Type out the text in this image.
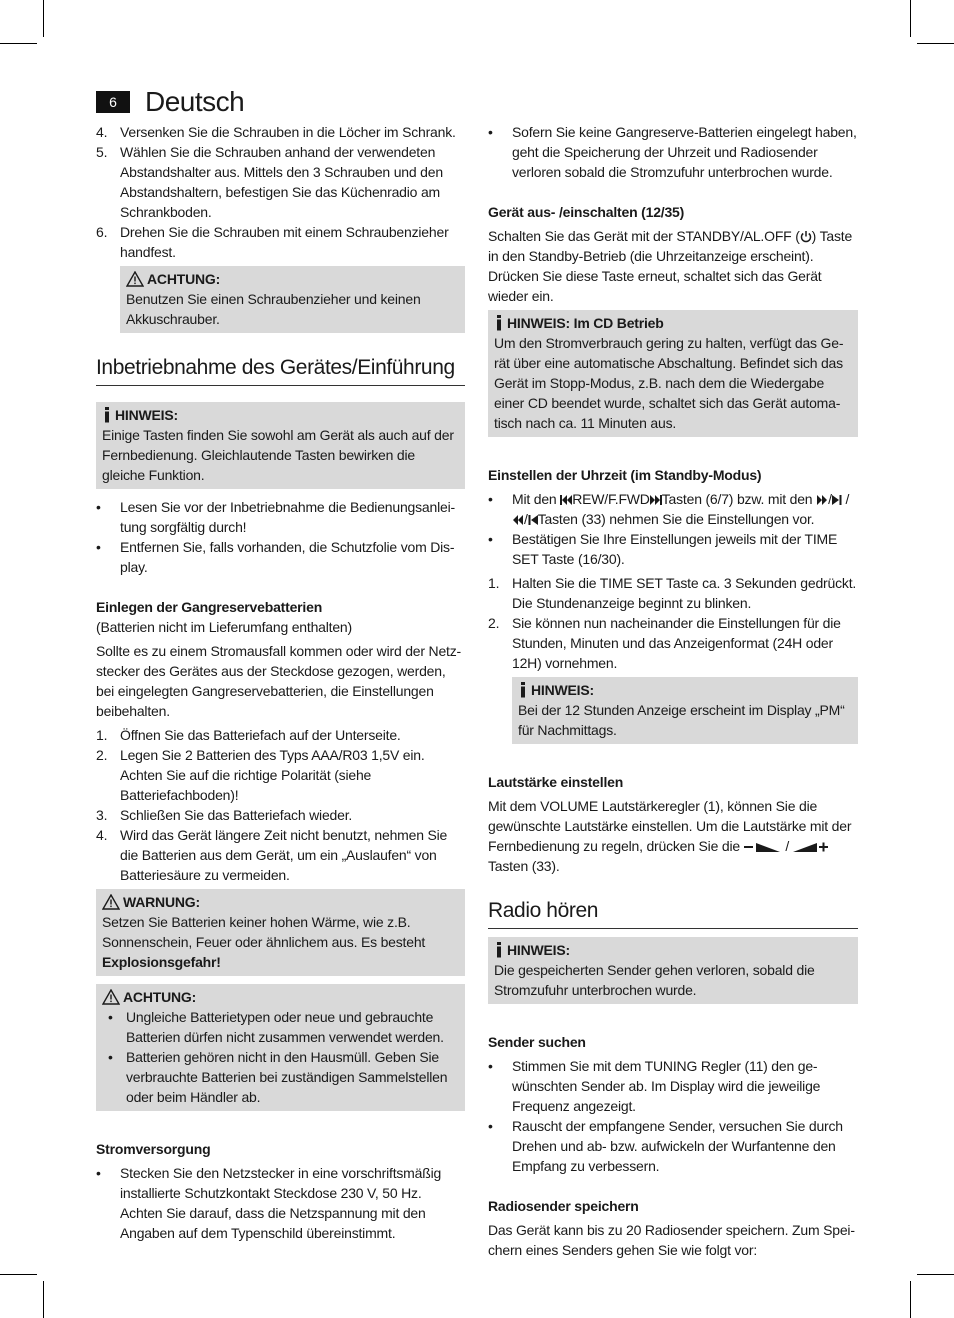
6	Deutsch
4. Versenken Sie die Schrauben in die Löcher im Schrank.
5. Wählen Sie die Schrauben anhand der verwendeten Abstandshalter aus. Mittels den 3 Schrauben und den Abstandshaltern, befestigen Sie das Küchenradio am Schrankboden.
6. Drehen Sie die Schrauben mit einem Schraubenzieher handfest.
ACHTUNG:

Benutzen Sie einen Schraubenzieher und keinen Akkuschrauber.

Inbetriebnahme des Gerätes/Einführung
HINWEIS:

Einige Tasten finden Sie sowohl am Gerät als auch auf der Fernbedienung. Gleichlautende Tasten bewirken die gleiche Funktion.

• Lesen Sie vor der Inbetriebnahme die Bedienungsanleitung sorgfältig durch!
• Entfernen Sie, falls vorhanden, die Schutzfolie vom Display.

Einlegen der Gangreservebatterien

(Batterien nicht im Lieferumfang enthalten)

Sollte es zu einem Stromausfall kommen oder wird der Netzstecker des Gerätes aus der Steckdose gezogen, werden, bei eingelegten Gangreservebatterien, die Einstellungen beibehalten.

1. Öffnen Sie das Batteriefach auf der Unterseite.
2. Legen Sie 2 Batterien des Typs AAA/R03 1,5V ein. Achten Sie auf die richtige Polarität (siehe Batteriefachboden)!
3. Schließen Sie das Batteriefach wieder.
4. Wird das Gerät längere Zeit nicht benutzt, nehmen Sie die Batterien aus dem Gerät, um ein „Auslaufen“ von Batteriesäure zu vermeiden.
WARNUNG:

Setzen Sie Batterien keiner hohen Wärme, wie z.B. Sonnenschein, Feuer oder ähnlichem aus. Es besteht Explosionsgefahr!

ACHTUNG:
• Ungleiche Batterietypen oder neue und gebrauchte Batterien dürfen nicht zusammen verwendet werden.
• Batterien gehören nicht in den Hausmüll. Geben Sie verbrauchte Batterien bei zuständigen Sammelstellen oder beim Händler ab.

Stromversorgung

• Stecken Sie den Netzstecker in eine vorschriftsmäßig installierte Schutzkontakt Steckdose 230 V, 50 Hz. Achten Sie darauf, dass die Netzspannung mit den Angaben auf dem Typenschild übereinstimmt.
• Sofern Sie keine Gangreserve-Batterien eingelegt haben, geht die Speicherung der Uhrzeit und Radiosender verloren sobald die Stromzufuhr unterbrochen wurde.

Gerät aus- /einschalten (12/35)

Schalten Sie das Gerät mit der STANDBY/AL.OFF ( ) Taste in den Standby-Betrieb (die Uhrzeitanzeige erscheint). Drücken Sie diese Taste erneut, schaltet sich das Gerät wieder ein.

HINWEIS: Im CD Betrieb

Um den Stromverbrauch gering zu halten, verfügt das Gerät über eine automatische Abschaltung. Befindet sich das Gerät im Stopp-Modus, z.B. nach dem die Wiedergabe einer CD beendet wurde, schaltet sich das Gerät automatisch nach ca. 11 Minuten aus.

Einstellen der Uhrzeit (im Standby-Modus)

• Mit den REW/F.FWD Tasten (6/7) bzw. mit den / // Tasten (33) nehmen Sie die Einstellungen vor.
• Bestätigen Sie Ihre Einstellungen jeweils mit der TIME SET Taste (16/30).
1. Halten Sie die TIME SET Taste ca. 3 Sekunden gedrückt. Die Stundenanzeige beginnt zu blinken.
2. Sie können nun nacheinander die Einstellungen für die Stunden, Minuten und das Anzeigenformat (24H oder 12H) vornehmen.
HINWEIS:

Bei der 12 Stunden Anzeige erscheint im Display „PM“ für Nachmittags.

Lautstärke einstellen

Mit dem VOLUME Lautstärkeregler (1), können Sie die gewünschte Lautstärke einstellen. Um die Lautstärke mit der Fernbedienung zu regeln, drücken Sie die	/  Tasten (33).

Radio hören
HINWEIS:

Die gespeicherten Sender gehen verloren, sobald die Stromzufuhr unterbrochen wurde.

Sender suchen

• Stimmen Sie mit dem TUNING Regler (11) den gewünschten Sender ab. Im Display wird die jeweilige Frequenz angezeigt.
• Rauscht der empfangene Sender, versuchen Sie durch Drehen und ab- bzw. aufwickeln der Wurfantenne den Empfang zu verbessern.

Radiosender speichern

Das Gerät kann bis zu 20 Radiosender speichern. Zum Speichern eines Senders gehen Sie wie folgt vor:
